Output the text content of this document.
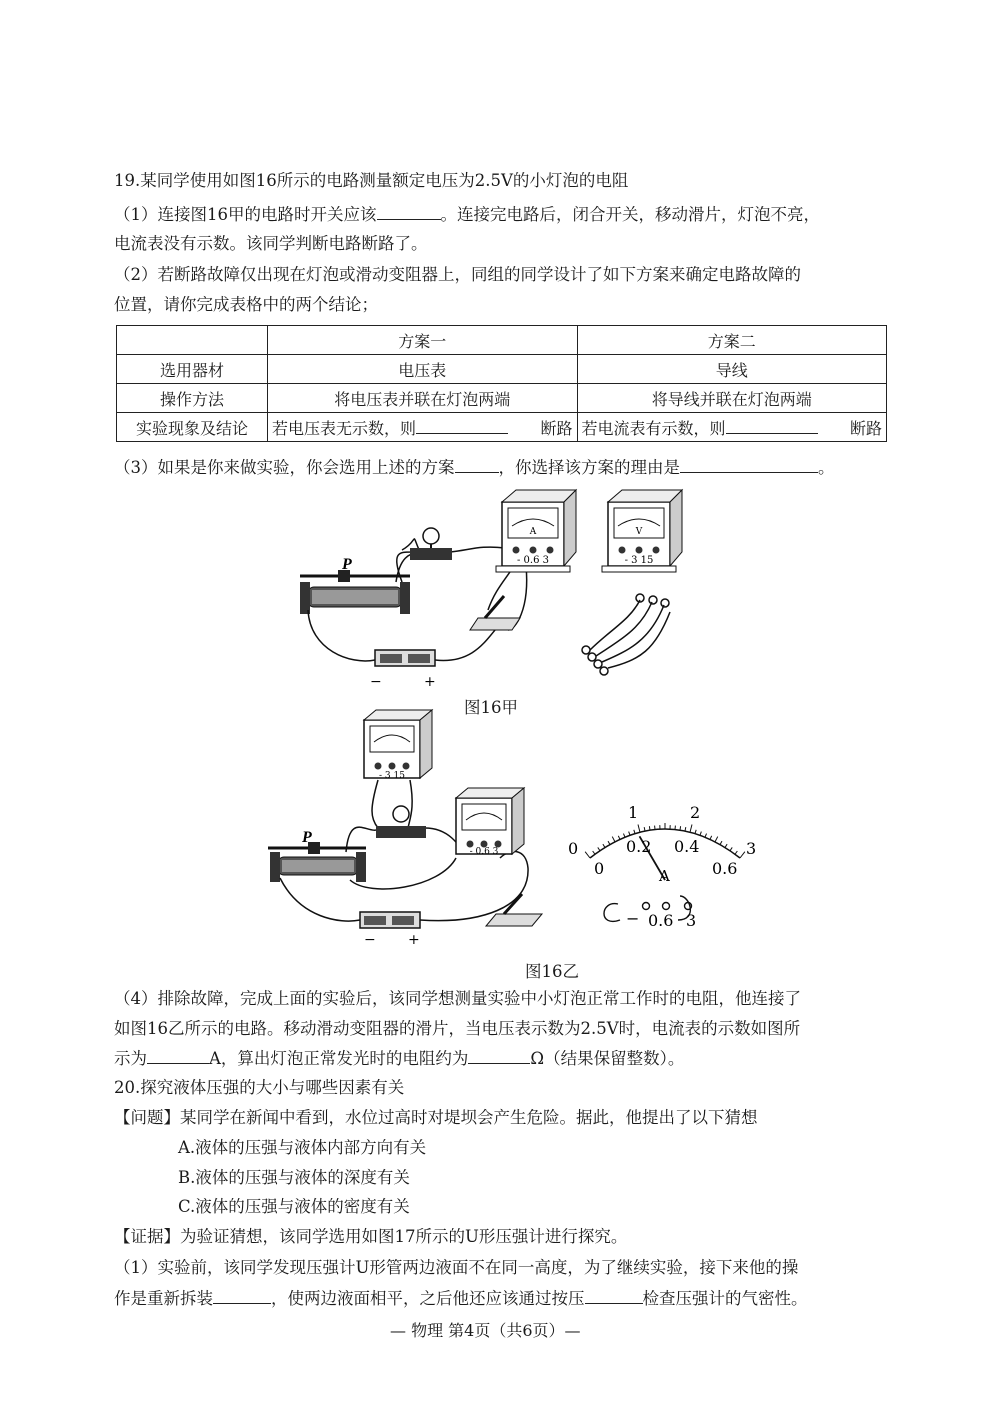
19.某同学使用如图16所示的电路测量额定电压为2.5V的小灯泡的电阻
（1）连接图16甲的电路时开关应该	。连接完电路后，闭合开关，移动滑片，灯泡不亮，
电流表没有示数。该同学判断电路断路了。
（2）若断路故障仅出现在灯泡或滑动变阻器上，同组的同学设计了如下方案来确定电路故障的
位置，请你完成表格中的两个结论；
	方案一	方案二
选用器材	电压表	导线
操作方法	将电压表并联在灯泡两端	将导线并联在灯泡两端
实验现象及结论	若电压表无示数，则 断路	若电流表有示数，则 断路
（3）如果是你来做实验，你会选用上述的方案	，你选择该方案的理由是	。
P
A
- 0.6 3
V
- 3 15
−	+
图16甲
P
- 3 15
- 0.6 3
− +
0
1	2
3
0
0.2 0.4
0.6
A
− 0.6 3
图16乙
（4）排除故障，完成上面的实验后，该同学想测量实验中小灯泡正常工作时的电阻，他连接了
如图16乙所示的电路。移动滑动变阻器的滑片，当电压表示数为2.5V时，电流表的示数如图所
示为	A，算出灯泡正常发光时的电阻约为	Ω（结果保留整数）。
20.探究液体压强的大小与哪些因素有关
【问题】某同学在新闻中看到，水位过高时对堤坝会产生危险。据此，他提出了以下猜想
A.液体的压强与液体内部方向有关
B.液体的压强与液体的深度有关
C.液体的压强与液体的密度有关
【证据】为验证猜想，该同学选用如图17所示的U形压强计进行探究。
（1）实验前，该同学发现压强计U形管两边液面不在同一高度，为了继续实验，接下来他的操
作是重新拆装	，使两边液面相平，之后他还应该通过按压	检查压强计的气密性。
— 物理 第4页（共6页）—
